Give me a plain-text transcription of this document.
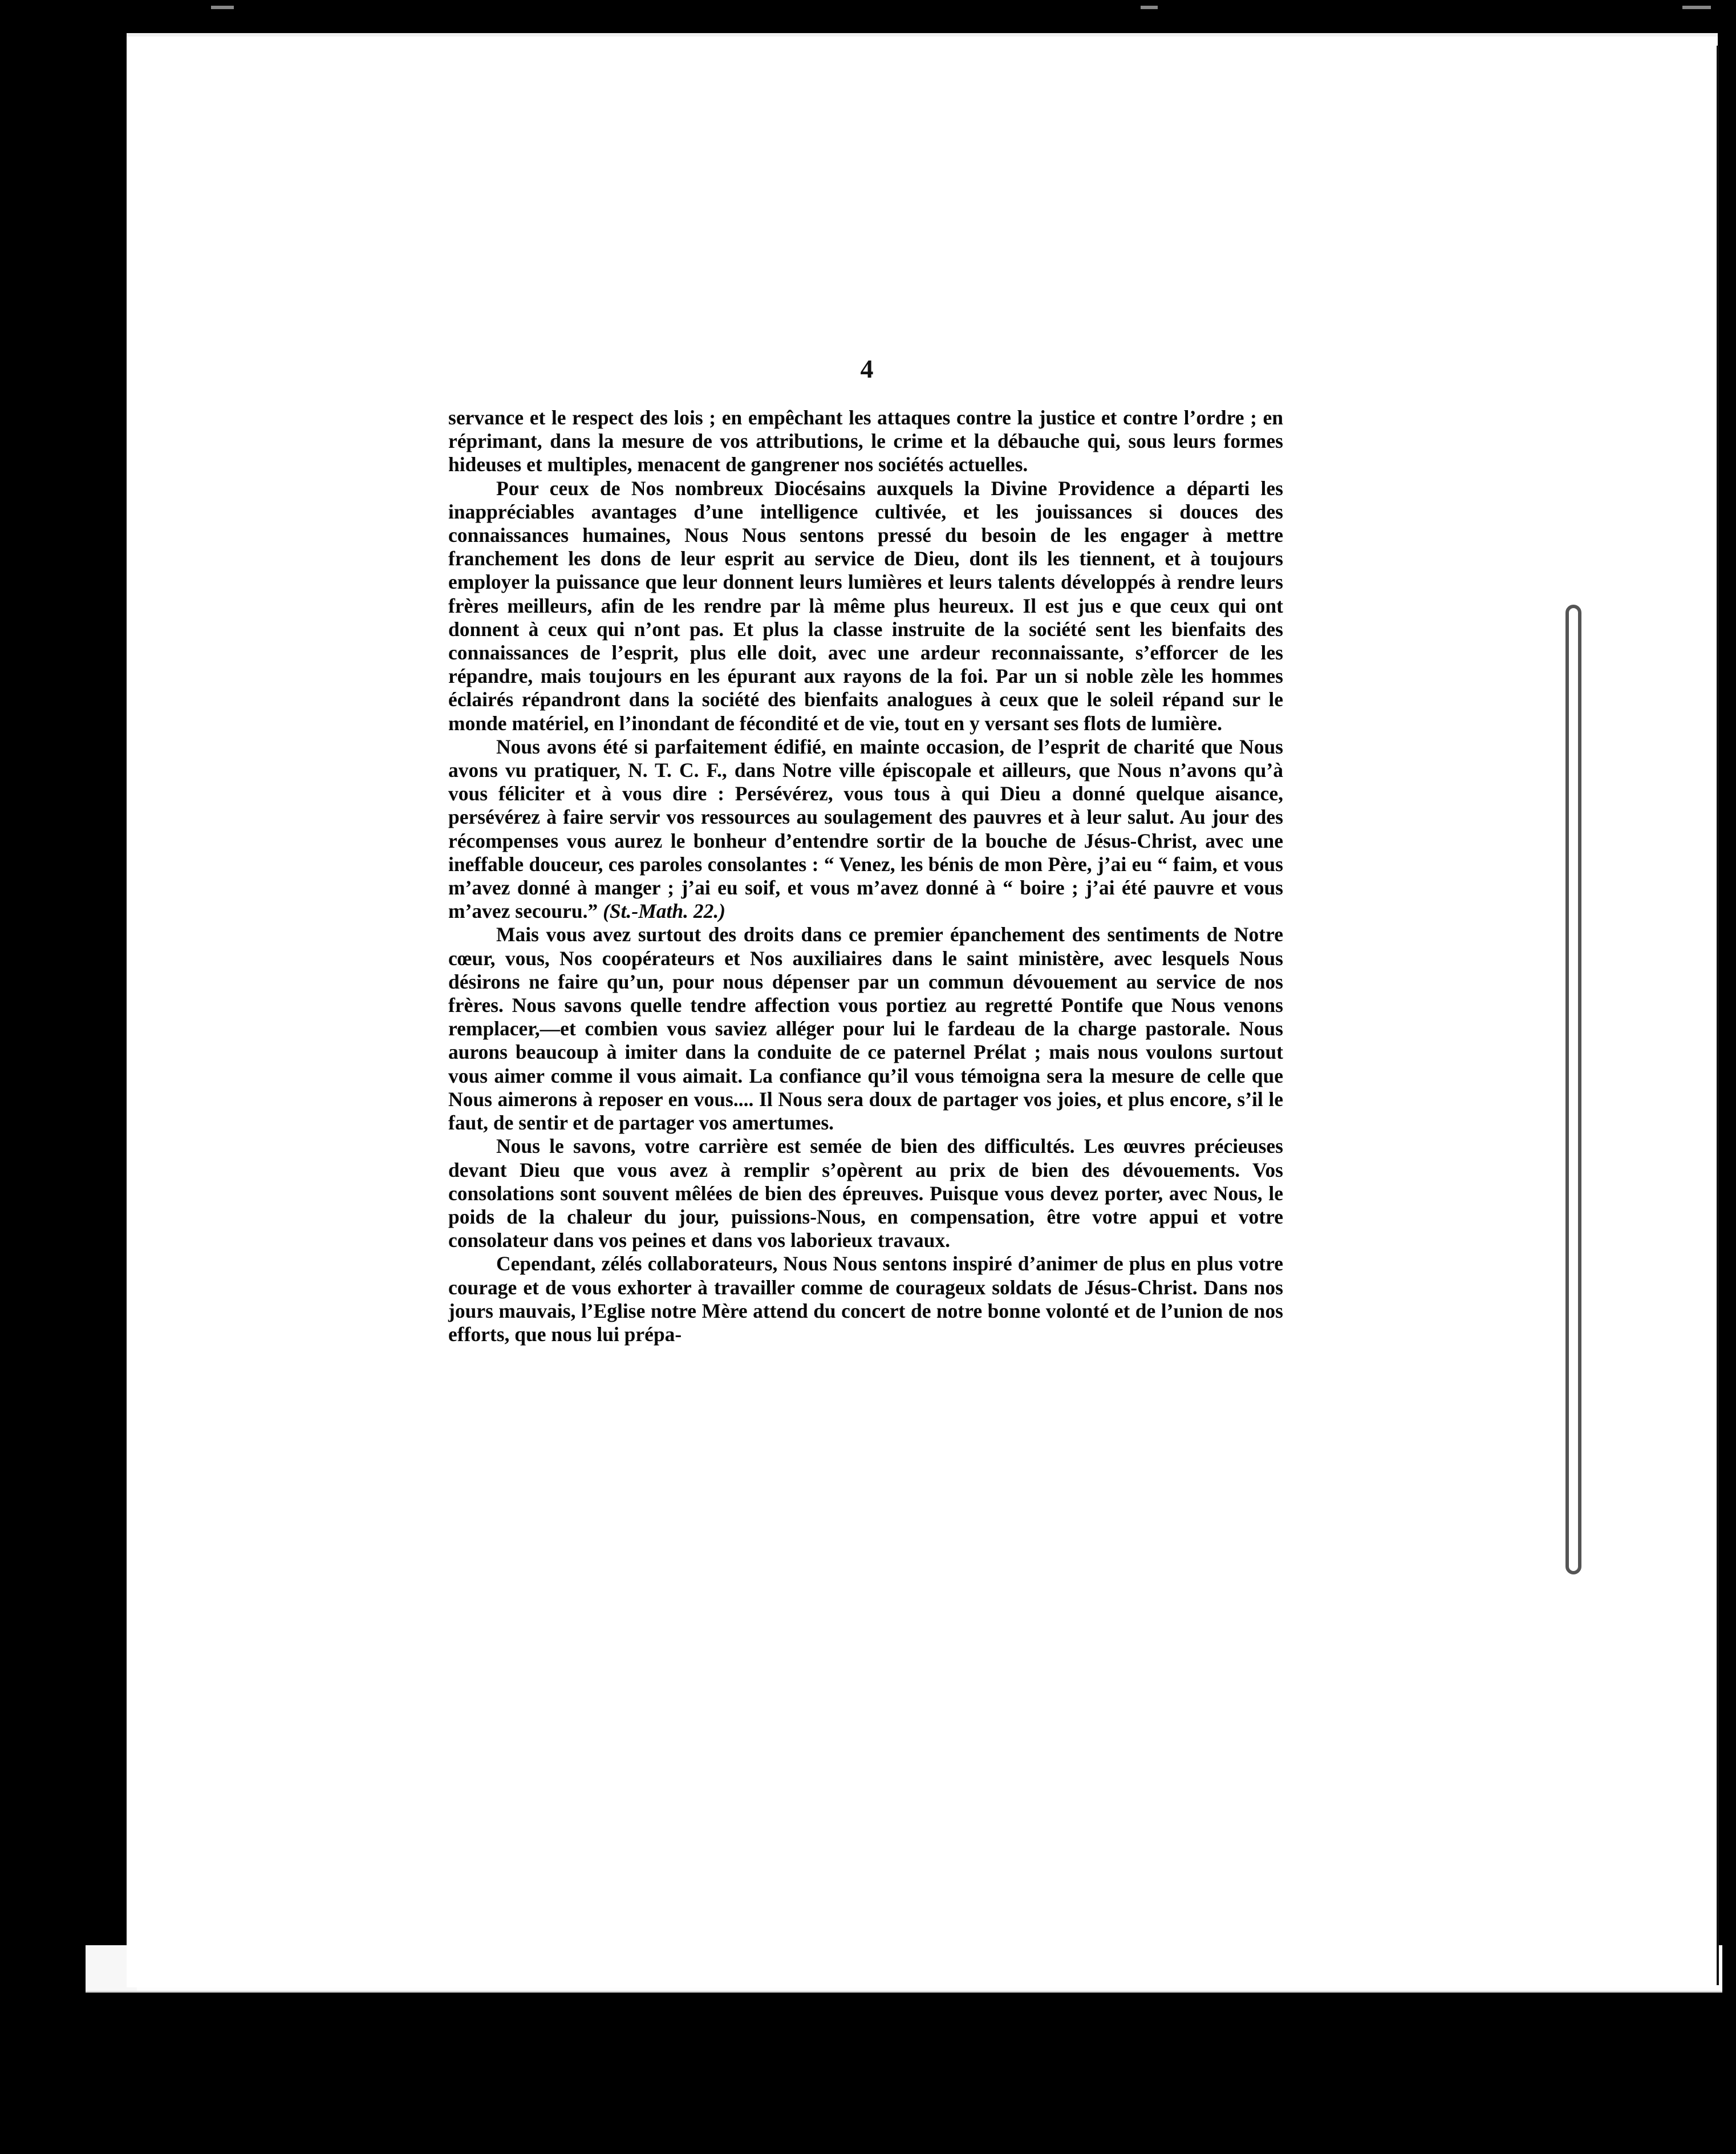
4

servance et le respect des lois ; en empêchant les attaques contre la justice et contre l’ordre ; en réprimant, dans la mesure de vos attributions, le crime et la débauche qui, sous leurs formes hideuses et multiples, menacent de gangrener nos sociétés actuelles.

Pour ceux de Nos nombreux Diocésains auxquels la Divine Providence a départi les inappréciables avantages d’une intelligence cultivée, et les jouissances si douces des connaissances humaines, Nous Nous sentons pressé du besoin de les engager à mettre franchement les dons de leur esprit au service de Dieu, dont ils les tiennent, et à toujours employer la puissance que leur donnent leurs lumières et leurs talents développés à rendre leurs frères meilleurs, afin de les rendre par là même plus heureux. Il est jus e que ceux qui ont donnent à ceux qui n’ont pas. Et plus la classe instruite de la société sent les bienfaits des connaissances de l’esprit, plus elle doit, avec une ardeur reconnaissante, s’efforcer de les répandre, mais toujours en les épurant aux rayons de la foi. Par un si noble zèle les hommes éclairés répandront dans la société des bienfaits analogues à ceux que le soleil répand sur le monde matériel, en l’inondant de fécondité et de vie, tout en y versant ses flots de lumière.

Nous avons été si parfaitement édifié, en mainte occasion, de l’esprit de charité que Nous avons vu pratiquer, N. T. C. F., dans Notre ville épiscopale et ailleurs, que Nous n’avons qu’à vous féliciter et à vous dire : Persévérez, vous tous à qui Dieu a donné quelque aisance, persévérez à faire servir vos ressources au soulagement des pauvres et à leur salut. Au jour des récompenses vous aurez le bonheur d’entendre sortir de la bouche de Jésus-Christ, avec une ineffable douceur, ces paroles consolantes : “ Venez, les bénis de mon Père, j’ai eu “ faim, et vous m’avez donné à manger ; j’ai eu soif, et vous m’avez donné à “ boire ; j’ai été pauvre et vous m’avez secouru.” (St.-Math. 22.)

Mais vous avez surtout des droits dans ce premier épanchement des sentiments de Notre cœur, vous, Nos coopérateurs et Nos auxiliaires dans le saint ministère, avec lesquels Nous désirons ne faire qu’un, pour nous dépenser par un commun dévouement au service de nos frères. Nous savons quelle tendre affection vous portiez au regretté Pontife que Nous venons remplacer,—et combien vous saviez alléger pour lui le fardeau de la charge pastorale. Nous aurons beaucoup à imiter dans la conduite de ce paternel Prélat ; mais nous voulons surtout vous aimer comme il vous aimait. La confiance qu’il vous témoigna sera la mesure de celle que Nous aimerons à reposer en vous.... Il Nous sera doux de partager vos joies, et plus encore, s’il le faut, de sentir et de partager vos amertumes.

Nous le savons, votre carrière est semée de bien des difficultés. Les œuvres précieuses devant Dieu que vous avez à remplir s’opèrent au prix de bien des dévouements. Vos consolations sont souvent mêlées de bien des épreuves. Puisque vous devez porter, avec Nous, le poids de la chaleur du jour, puissions-Nous, en compensation, être votre appui et votre consolateur dans vos peines et dans vos laborieux travaux.

Cependant, zélés collaborateurs, Nous Nous sentons inspiré d’animer de plus en plus votre courage et de vous exhorter à travailler comme de courageux soldats de Jésus-Christ. Dans nos jours mauvais, l’Eglise notre Mère attend du concert de notre bonne volonté et de l’union de nos efforts, que nous lui prépa-
